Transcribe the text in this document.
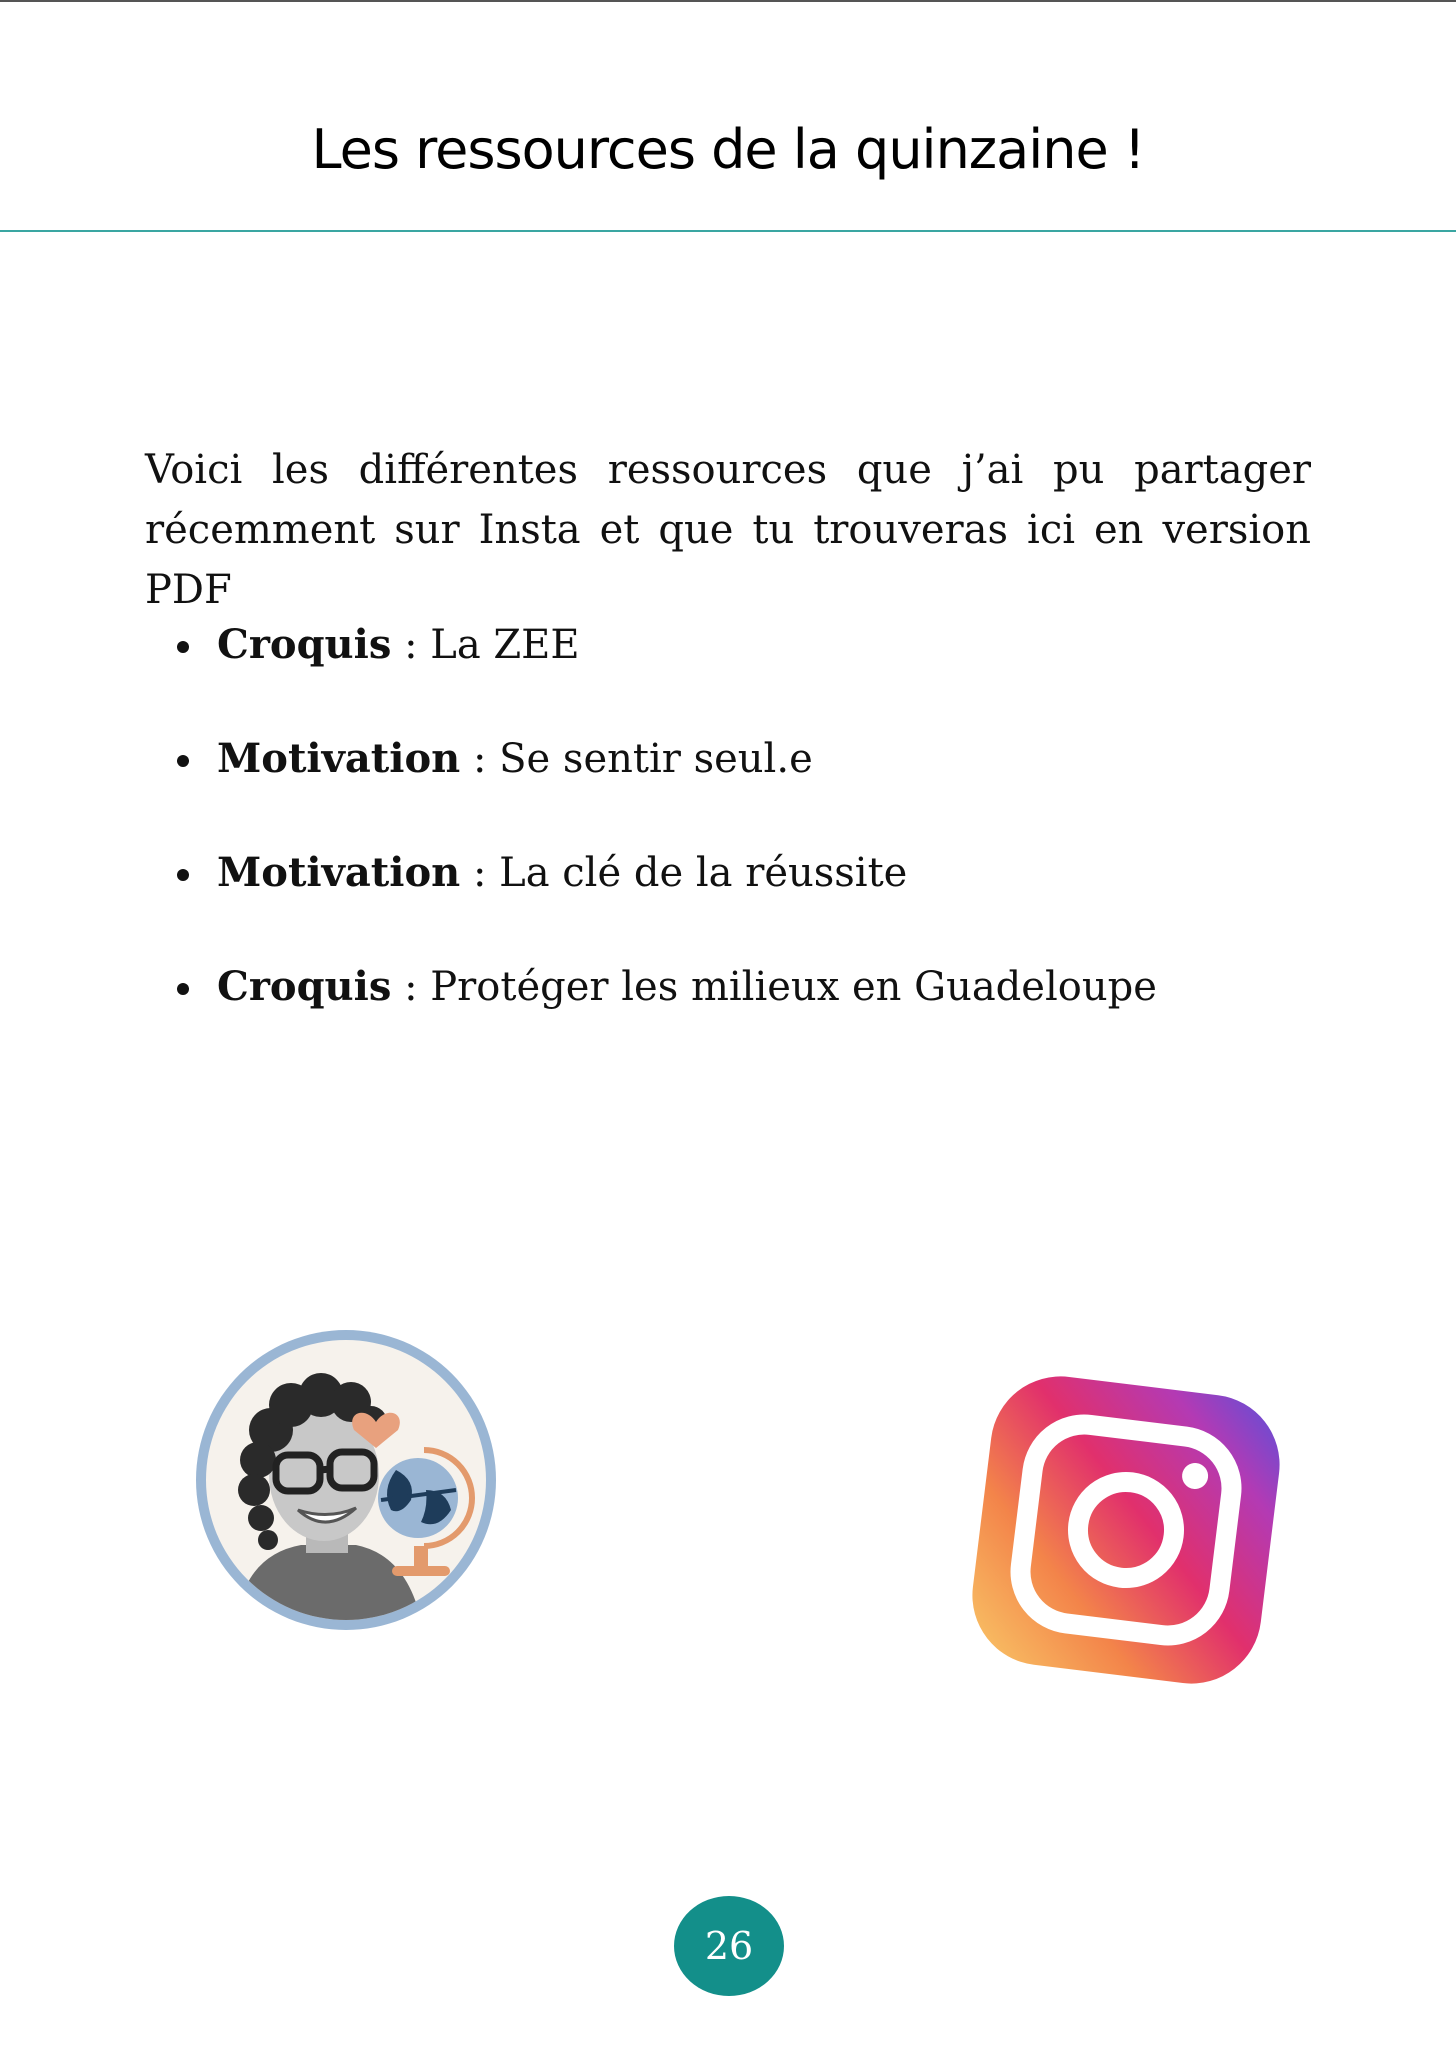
Les ressources de la quinzaine !

Voici les différentes ressources que j’ai pu partager récemment sur Insta et que tu trouveras ici en version PDF

Croquis : La ZEE
Motivation : Se sentir seul.e
Motivation : La clé de la réussite
Croquis : Protéger les milieux en Guadeloupe
26
